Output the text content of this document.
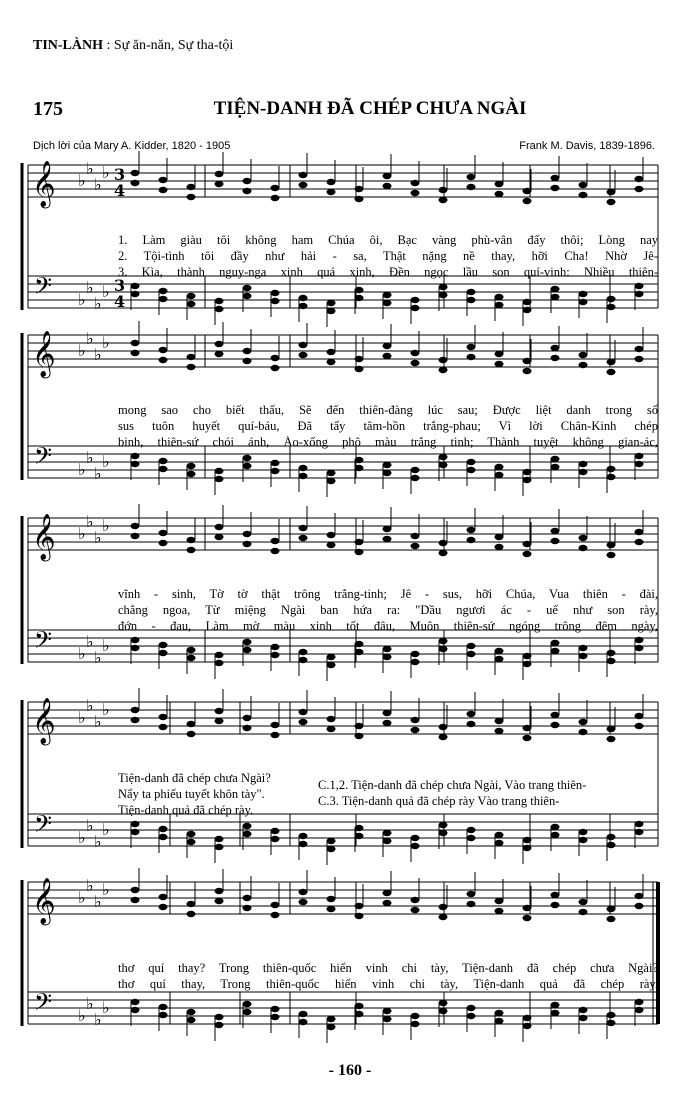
TIN-LÀNH : Sự ăn-năn, Sự tha-tội
175	TIỆN-DANH ĐÃ CHÉP CHƯA NGÀI
Dịch lời của Mary A. Kidder, 1820 - 1905	Frank M. Davis, 1839-1896.
♭
♭
♭
♭
𝄞
♭
♭
♭
♭
𝄢
♭
♭
♭
♭
𝄞
♭
♭
♭
♭
𝄢
♭
♭
♭
♭
𝄞
♭
♭
♭
♭
𝄢
♭
♭
♭
♭
𝄞
♭
♭
♭
♭
𝄢
♭
♭
♭
♭
𝄞
♭
♭
♭
♭
𝄢
3
4
3
4
1. Làm giàu tôi không ham Chúa ôi, Bạc vàng phù-vân đấy thôi; Lòng nay
2. Tội-tình tôi đầy như hải - sa, Thật nặng nề thay, hỡi Cha! Nhờ Jê-
3. Kìa, thành nguy-nga xinh quá xinh, Đền ngọc lầu son quí-vinh: Nhiều thiên-
mong sao cho biết thấu, Sẽ đến thiên-đàng lúc sau; Được liệt danh trong sổ
sus tuôn huyết quí-báu, Đã tẩy tâm-hồn trắng-phau; Vì lời Chân-Kinh chép
binh, thiên-sứ chói ánh, Áo-xống phô màu trắng tinh; Thành tuyệt không gian-ác,
vĩnh - sinh, Tờ tờ thật trông trắng-tinh; Jê - sus, hỡi Chúa, Vua thiên - đài,
chẳng ngoa, Từ miệng Ngài ban hứa ra: "Dầu ngươi ác - uế như son rày,
đớn - đau, Làm mờ màu xinh tốt đâu, Muôn thiên-sứ ngóng trông đêm ngày,
Tiện-danh đã chép chưa Ngài?
Nẩy ta phiếu tuyết khôn tày".
Tiện-danh quả đã chép rày.
C.1,2. Tiện-danh đã chép chưa Ngài, Vào trang thiên-
C.3. Tiện-danh quả đã chép rày Vào trang thiên-
thơ quí thay? Trong thiên-quốc hiển vinh chi tày, Tiện-danh đã chép chưa Ngài?
thơ quí thay, Trong thiên-quốc hiển vinh chi tày, Tiện-danh quả đã chép rày.
- 160 -
